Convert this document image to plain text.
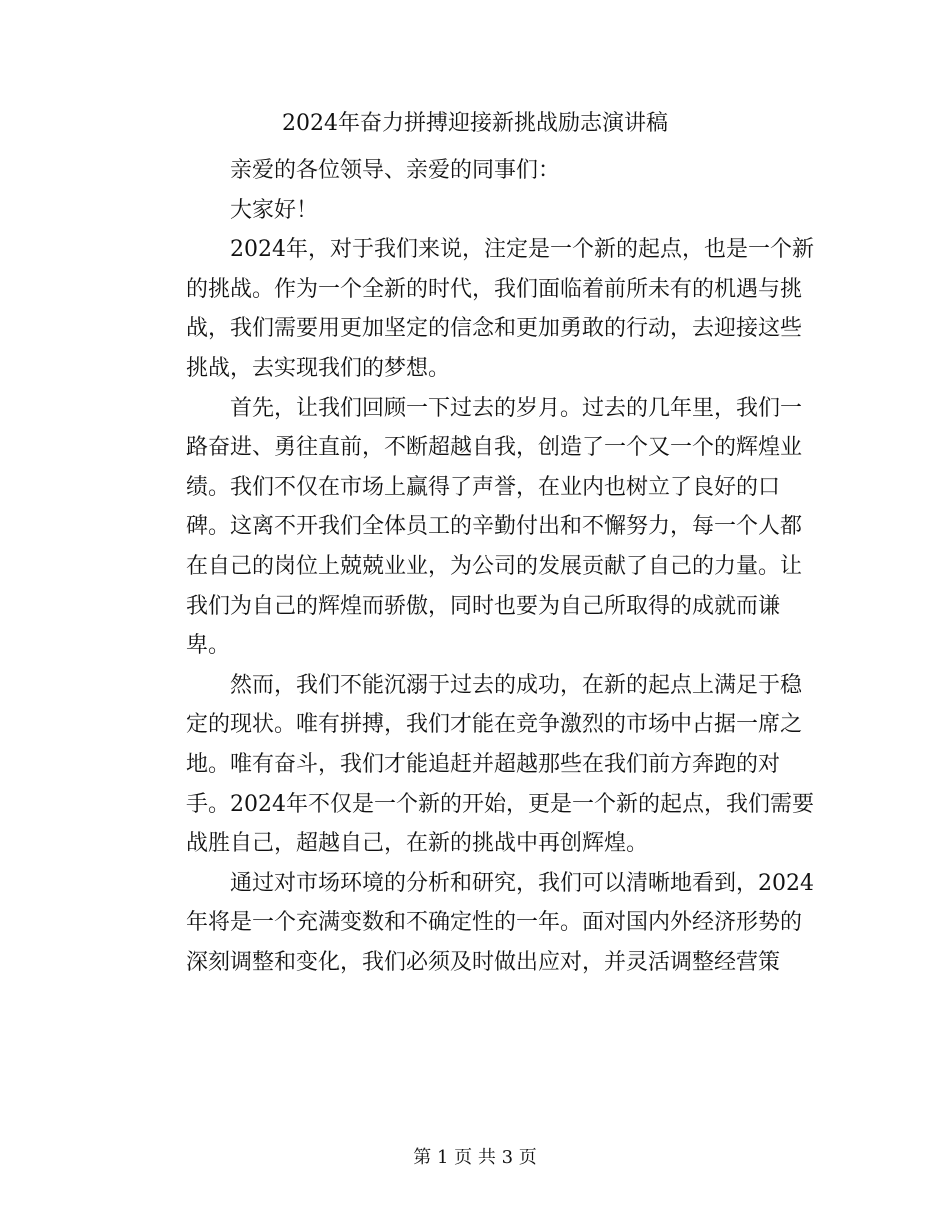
2024年奋力拼搏迎接新挑战励志演讲稿
亲爱的各位领导、亲爱的同事们：
大家好！
2024年，对于我们来说，注定是一个新的起点，也是一个新
的挑战。作为一个全新的时代，我们面临着前所未有的机遇与挑
战，我们需要用更加坚定的信念和更加勇敢的行动，去迎接这些
挑战，去实现我们的梦想。
首先，让我们回顾一下过去的岁月。过去的几年里，我们一
路奋进、勇往直前，不断超越自我，创造了一个又一个的辉煌业
绩。我们不仅在市场上赢得了声誉，在业内也树立了良好的口
碑。这离不开我们全体员工的辛勤付出和不懈努力，每一个人都
在自己的岗位上兢兢业业，为公司的发展贡献了自己的力量。让
我们为自己的辉煌而骄傲，同时也要为自己所取得的成就而谦
卑。
然而，我们不能沉溺于过去的成功，在新的起点上满足于稳
定的现状。唯有拼搏，我们才能在竞争激烈的市场中占据一席之
地。唯有奋斗，我们才能追赶并超越那些在我们前方奔跑的对
手。2024年不仅是一个新的开始，更是一个新的起点，我们需要
战胜自己，超越自己，在新的挑战中再创辉煌。
通过对市场环境的分析和研究，我们可以清晰地看到，2024
年将是一个充满变数和不确定性的一年。面对国内外经济形势的
深刻调整和变化，我们必须及时做出应对，并灵活调整经营策
第 1 页 共 3 页
